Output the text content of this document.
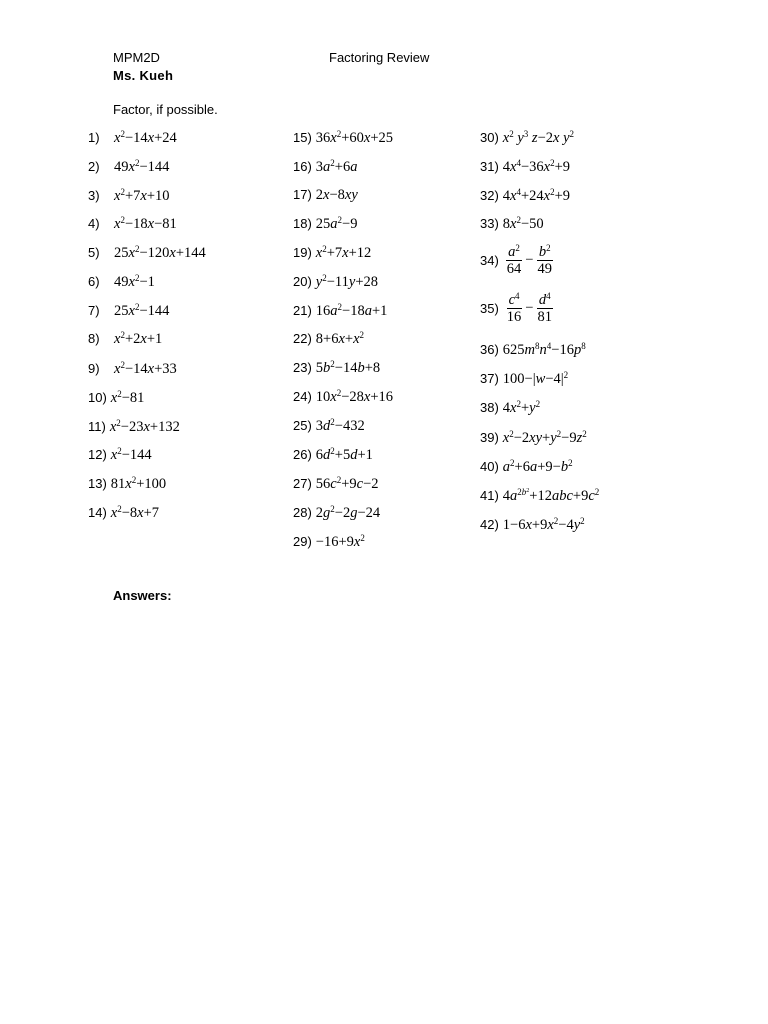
MPM2D
Ms. Kueh
Factoring Review
Factor, if possible.
1) $x^2-14x+24$
2) $49x^2-144$
3) $x^2+7x+10$
4) $x^2-18x-81$
5) $25x^2-120x+144$
6) $49x^2-1$
7) $25x^2-144$
8) $x^2+2x+1$
9) $x^2-14x+33$
10) $x^2-81$
11) $x^2-23x+132$
12) $x^2-144$
13) $81x^2+100$
14) $x^2-8x+7$
15) $36x^2+60x+25$
16) $3a^2+6a$
17) 2x−8xy
18) $25a^2-9$
19) $x^2+7x+12$
20) $y^2-11y+28$
21) $16a^2-18a+1$
22) $8+6x+x^2$
23) $5b^2-14b+8$
24) $10x^2-28x+16$
25) $3d^2-432$
26) $6d^2+5d+1$
27) $56c^2+9c-2$
28) $2g^2-2g-24$
$29) -16+9x^2$
30) $x^2$ $y^3$ z−2x $y^2$
31) $4x^4-36x^2+9$
32) $4x^4+24x^2+9$
33) $8x^2-50$
$34) \frac{a^2}{64} - \frac{b^2}{49}$
$35) \frac{c^4}{16} - \frac{d^4}{81}$
36) $625m^8n^4-16p^8$
37) $100-|w-4|^2$
38) $4x^2+y^2$
39) $x^2-2xy+y^2-9z^2$
40) $a^2+6a+9-b^2$
41) $4a^{2b^2}+12abc+9c^2$
42) $1-6x+9x^2-4y^2$
Answers:
